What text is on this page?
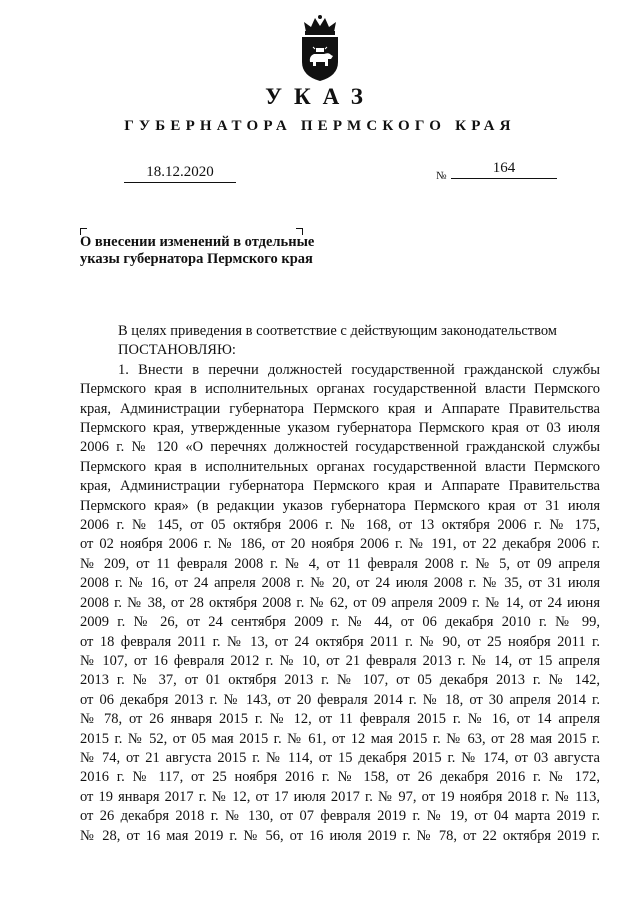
УКАЗ
ГУБЕРНАТОРА ПЕРМСКОГО КРАЯ
18.12.2020	№	164
О внесении изменений в отдельные
указы губернатора Пермского края
В целях приведения в соответствие с действующим законодательством
ПОСТАНОВЛЯЮ:
1. Внести в перечни должностей государственной гражданской службы
Пермского края в исполнительных органах государственной власти Пермского
края, Администрации губернатора Пермского края и Аппарате Правительства
Пермского края, утвержденные указом губернатора Пермского края от 03 июля
2006 г. № 120 «О перечнях должностей государственной гражданской службы
Пермского края в исполнительных органах государственной власти Пермского
края, Администрации губернатора Пермского края и Аппарате Правительства
Пермского края» (в редакции указов губернатора Пермского края от 31 июля
2006 г. № 145, от 05 октября 2006 г. № 168, от 13 октября 2006 г. № 175,
от 02 ноября 2006 г. № 186, от 20 ноября 2006 г. № 191, от 22 декабря 2006 г.
№ 209, от 11 февраля 2008 г. № 4, от 11 февраля 2008 г. № 5, от 09 апреля
2008 г. № 16, от 24 апреля 2008 г. № 20, от 24 июля 2008 г. № 35, от 31 июля
2008 г. № 38, от 28 октября 2008 г. № 62, от 09 апреля 2009 г. № 14, от 24 июня
2009 г. № 26, от 24 сентября 2009 г. № 44, от 06 декабря 2010 г. № 99,
от 18 февраля 2011 г. № 13, от 24 октября 2011 г. № 90, от 25 ноября 2011 г.
№ 107, от 16 февраля 2012 г. № 10, от 21 февраля 2013 г. № 14, от 15 апреля
2013 г. № 37, от 01 октября 2013 г. № 107, от 05 декабря 2013 г. № 142,
от 06 декабря 2013 г. № 143, от 20 февраля 2014 г. № 18, от 30 апреля 2014 г.
№ 78, от 26 января 2015 г. № 12, от 11 февраля 2015 г. № 16, от 14 апреля
2015 г. № 52, от 05 мая 2015 г. № 61, от 12 мая 2015 г. № 63, от 28 мая 2015 г.
№ 74, от 21 августа 2015 г. № 114, от 15 декабря 2015 г. № 174, от 03 августа
2016 г. № 117, от 25 ноября 2016 г. № 158, от 26 декабря 2016 г. № 172,
от 19 января 2017 г. № 12, от 17 июля 2017 г. № 97, от 19 ноября 2018 г. № 113,
от 26 декабря 2018 г. № 130, от 07 февраля 2019 г. № 19, от 04 марта 2019 г.
№ 28, от 16 мая 2019 г. № 56, от 16 июля 2019 г. № 78, от 22 октября 2019 г.
